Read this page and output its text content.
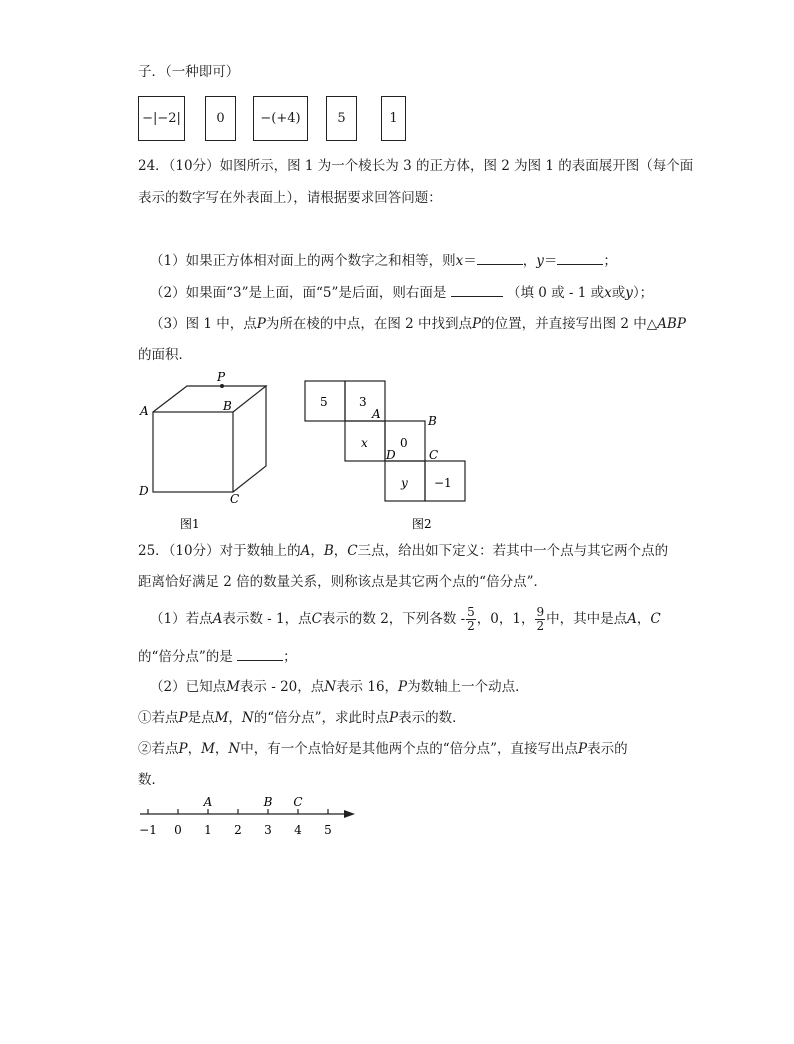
子．（一种即可）
−|−2|	0	−(+4)	5	1
24．（10分）如图所示，图 1 为一个棱长为 3 的正方体，图 2 为图 1 的表面展开图（每个面
表示的数字写在外表面上），请根据要求回答问题：
（1）如果正方体相对面上的两个数字之和相等，则x＝	，y＝	；
（2）如果面“3”是上面，面“5”是后面，则右面是	（填 0 或 - 1 或x或y）；
（3）图 1 中，点P为所在棱的中点，在图 2 中找到点P的位置，并直接写出图 2 中△ABP
的面积．
P
A	B
C
D
图1
5	3
x	0
y −1
A	B
D	C
图2
25．（10分）对于数轴上的A，B，C三点，给出如下定义：若其中一个点与其它两个点的
距离恰好满足 2 倍的数量关系，则称该点是其它两个点的“倍分点”．
（1）若点A表示数 - 1，点C表示的数 2，下列各数 - $\frac{5}{2}$ ，0，1， $\frac{9}{2}$ 中，其中是点A，C
的“倍分点”的是	；
（2）已知点M表示 - 20，点N表示 16，P为数轴上一个动点．
①若点P是点M，N的“倍分点”，求此时点P表示的数．
②若点P，M，N中，有一个点恰好是其他两个点的“倍分点”，直接写出点P表示的
数．
−1 0 1 2 3 4 5
A	B C
